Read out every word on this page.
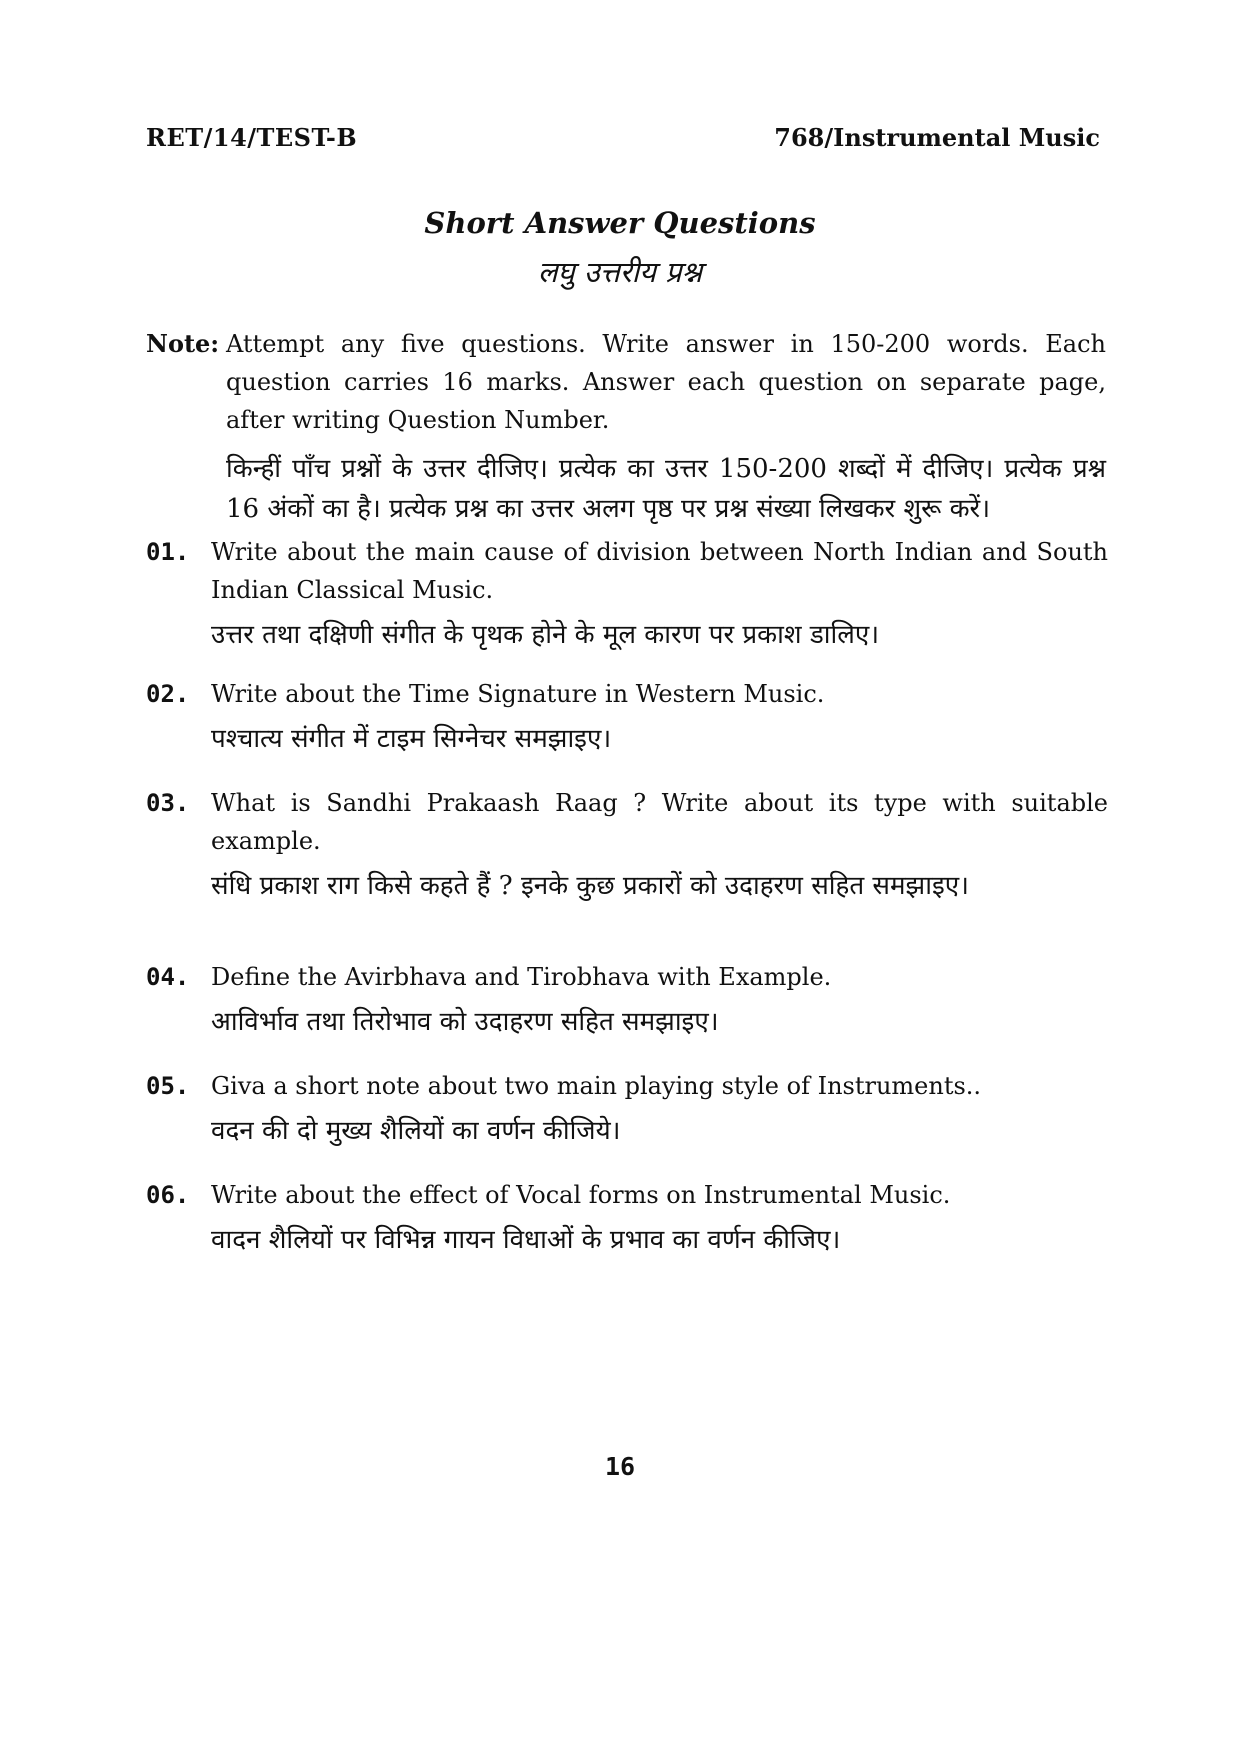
RET/14/TEST-B	768/Instrumental Music
Short Answer Questions
लघु उत्तरीय प्रश्न
Note: Attempt any five questions. Write answer in 150-200 words. Each question carries 16 marks. Answer each question on separate page, after writing Question Number.
किन्हीं पाँच प्रश्नों के उत्तर दीजिए। प्रत्येक का उत्तर 150-200 शब्दों में दीजिए। प्रत्येक प्रश्न 16 अंकों का है। प्रत्येक प्रश्न का उत्तर अलग पृष्ठ पर प्रश्न संख्या लिखकर शुरू करें।
01. Write about the main cause of division between North Indian and South Indian Classical Music.
उत्तर तथा दक्षिणी संगीत के पृथक होने के मूल कारण पर प्रकाश डालिए।
02. Write about the Time Signature in Western Music.
पश्चात्य संगीत में टाइम सिग्नेचर समझाइए।
03. What is Sandhi Prakaash Raag ? Write about its type with suitable example.
संधि प्रकाश राग किसे कहते हैं ? इनके कुछ प्रकारों को उदाहरण सहित समझाइए।
04. Define the Avirbhava and Tirobhava with Example.
आविर्भाव तथा तिरोभाव को उदाहरण सहित समझाइए।
05. Giva a short note about two main playing style of Instruments..
वदन की दो मुख्य शैलियों का वर्णन कीजिये।
06. Write about the effect of Vocal forms on Instrumental Music.
वादन शैलियों पर विभिन्न गायन विधाओं के प्रभाव का वर्णन कीजिए।
16
